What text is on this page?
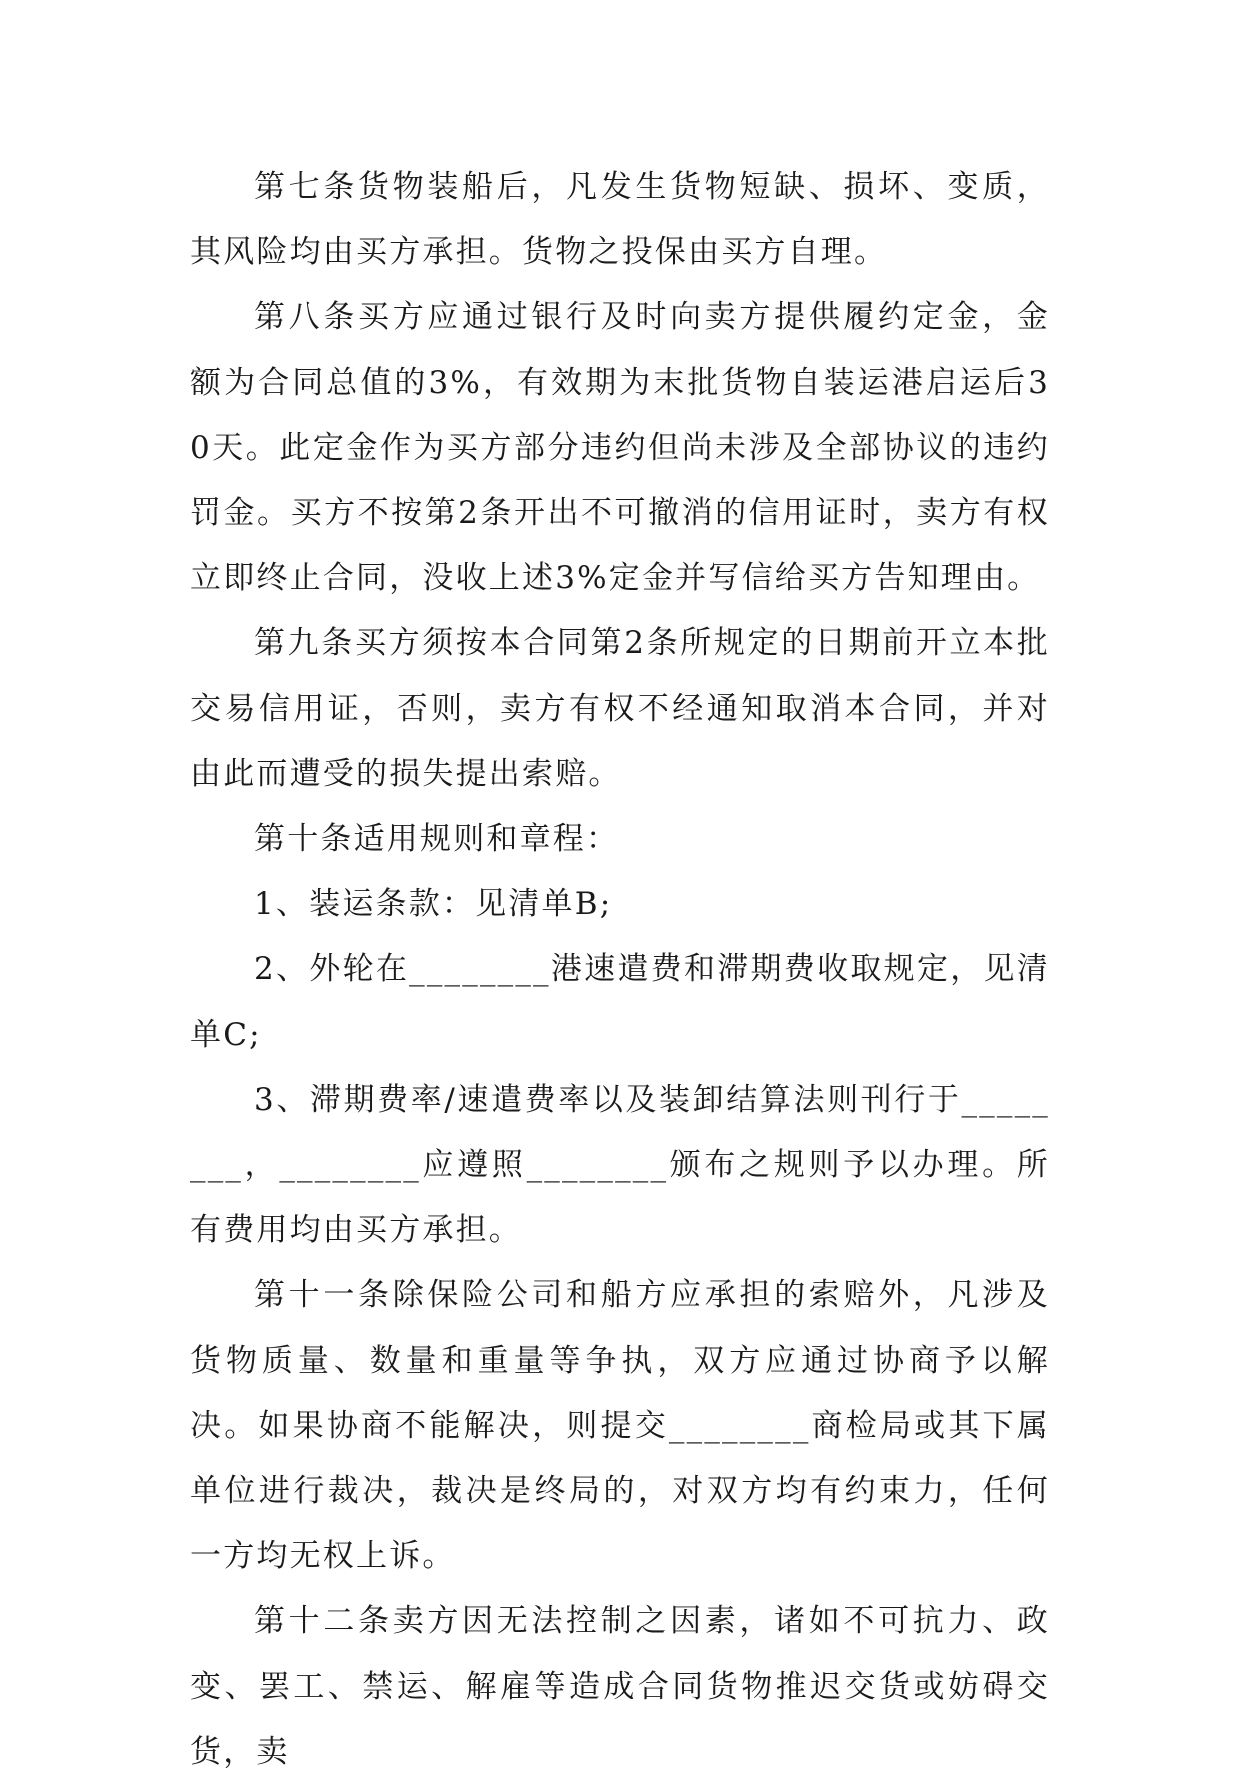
第七条货物装船后，凡发生货物短缺、损坏、变质，其风险均由买方承担。货物之投保由买方自理。

第八条买方应通过银行及时向卖方提供履约定金，金额为合同总值的3%，有效期为末批货物自装运港启运后30天。此定金作为买方部分违约但尚未涉及全部协议的违约罚金。买方不按第2条开出不可撤消的信用证时，卖方有权立即终止合同，没收上述3%定金并写信给买方告知理由。

第九条买方须按本合同第2条所规定的日期前开立本批交易信用证，否则，卖方有权不经通知取消本合同，并对由此而遭受的损失提出索赔。

第十条适用规则和章程：

1、装运条款：见清单B;

2、外轮在________港速遣费和滞期费收取规定，见清单C;

3、滞期费率/速遣费率以及装卸结算法则刊行于________，________应遵照________颁布之规则予以办理。所有费用均由买方承担。

第十一条除保险公司和船方应承担的索赔外，凡涉及货物质量、数量和重量等争执，双方应通过协商予以解决。如果协商不能解决，则提交________商检局或其下属单位进行裁决，裁决是终局的，对双方均有约束力，任何一方均无权上诉。

第十二条卖方因无法控制之因素，诸如不可抗力、政变、罢工、禁运、解雇等造成合同货物推迟交货或妨碍交货，卖
